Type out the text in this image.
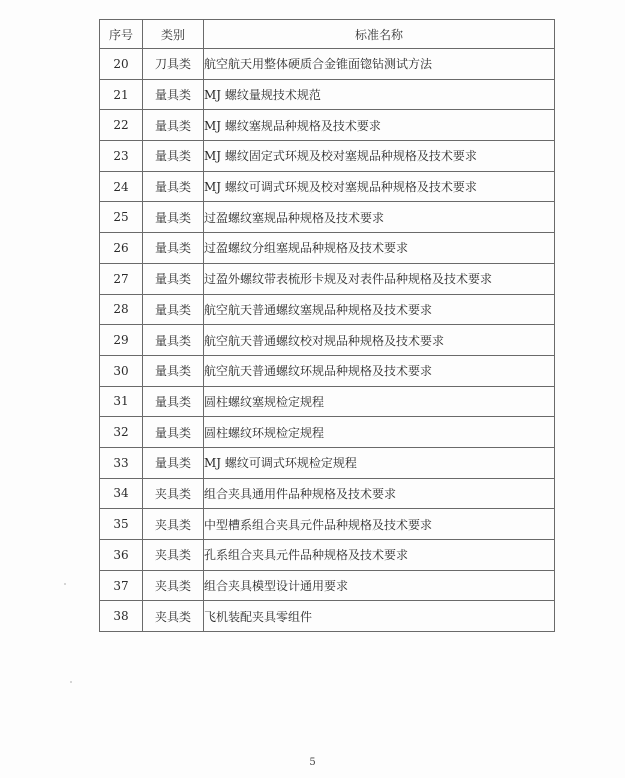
序号	类别	标准名称
20	刀具类	航空航天用整体硬质合金锥面锪钻测试方法
21	量具类	MJ 螺纹量规技术规范
22	量具类	MJ 螺纹塞规品种规格及技术要求
23	量具类	MJ 螺纹固定式环规及校对塞规品种规格及技术要求
24	量具类	MJ 螺纹可调式环规及校对塞规品种规格及技术要求
25	量具类	过盈螺纹塞规品种规格及技术要求
26	量具类	过盈螺纹分组塞规品种规格及技术要求
27	量具类	过盈外螺纹带表梳形卡规及对表件品种规格及技术要求
28	量具类	航空航天普通螺纹塞规品种规格及技术要求
29	量具类	航空航天普通螺纹校对规品种规格及技术要求
30	量具类	航空航天普通螺纹环规品种规格及技术要求
31	量具类	圆柱螺纹塞规检定规程
32	量具类	圆柱螺纹环规检定规程
33	量具类	MJ 螺纹可调式环规检定规程
34	夹具类	组合夹具通用件品种规格及技术要求
35	夹具类	中型槽系组合夹具元件品种规格及技术要求
36	夹具类	孔系组合夹具元件品种规格及技术要求
37	夹具类	组合夹具模型设计通用要求
38	夹具类	飞机装配夹具零组件
5
